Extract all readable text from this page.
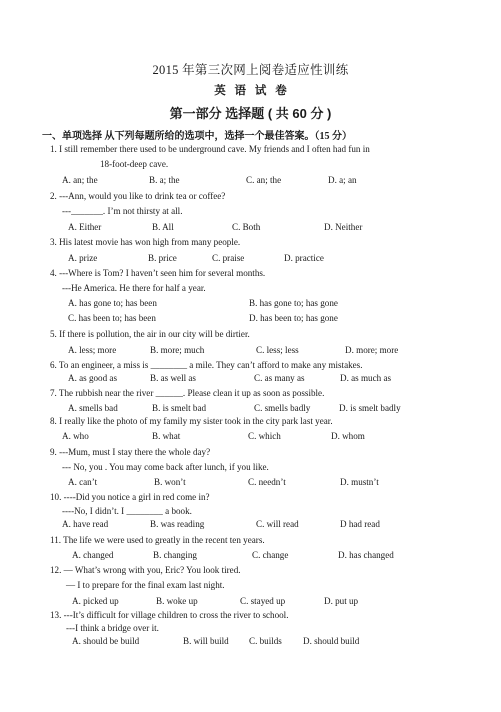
2015 年第三次网上阅卷适应性训练
英 语 试 卷
第一部分 选择题 ( 共 60 分 )
一、单项选择 从下列每题所给的选项中，选择一个最佳答案。（15 分）
1. I still remember there used to be underground cave. My friends and I often had fun in
18-foot-deep cave.
A. an; the	B. a; the	C. an; the	D. a; an
2. ---Ann, would you like to drink tea or coffee?
---_______. I’m not thirsty at all.
A. Either	B. All	C. Both	D. Neither
3. His latest movie has won high from many people.
A. prize	B. price	C. praise	D. practice
4. ---Where is Tom? I haven’t seen him for several months.
---He America. He there for half a year.
A. has gone to; has been	B. has gone to; has gone
C. has been to; has been	D. has been to; has gone
5. If there is pollution, the air in our city will be dirtier.
A. less; more	B. more; much	C. less; less	D. more; more
6. To an engineer, a miss is ________ a mile. They can’t afford to make any mistakes.
A. as good as	B. as well as	C. as many as	D. as much as
7. The rubbish near the river ______. Please clean it up as soon as possible.
A. smells bad	B. is smelt bad	C. smells badly	D. is smelt badly
8. I really like the photo of my family my sister took in the city park last year.
A. who	B. what	C. which	D. whom
9. ---Mum, must I stay there the whole day?
--- No, you . You may come back after lunch, if you like.
A. can’t	B. won’t	C. needn’t	D. mustn’t
10. ----Did you notice a girl in red come in?
----No, I didn’t. I ________ a book.
A. have read	B. was reading	C. will read	D had read
11. The life we were used to greatly in the recent ten years.
A. changed	B. changing	C. change	D. has changed
12. — What’s wrong with you, Eric? You look tired.
— I to prepare for the final exam last night.
A. picked up	B. woke up	C. stayed up	D. put up
13. ---It’s difficult for village children to cross the river to school.
---I think a bridge over it.
A. should be build	B. will build C. builds D. should build
